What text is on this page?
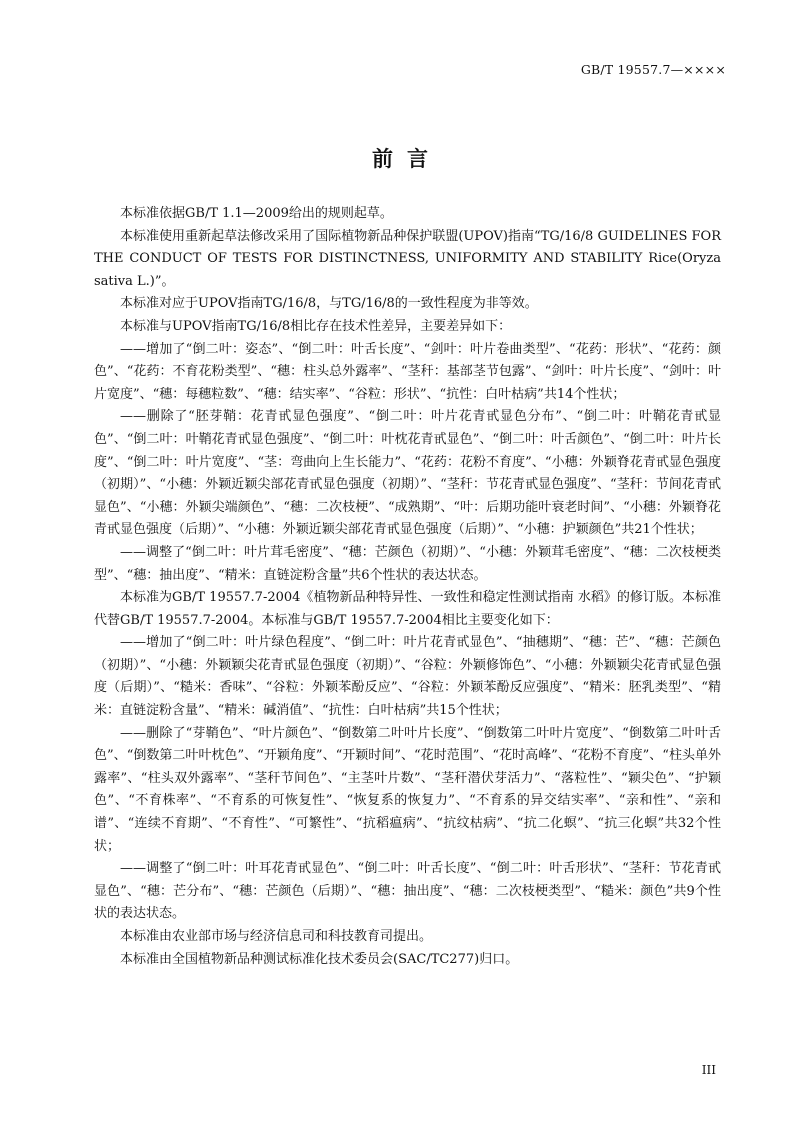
GB/T 19557.7—××××
前言

本标准依据GB/T 1.1—2009给出的规则起草。

本标准使用重新起草法修改采用了国际植物新品种保护联盟(UPOV)指南“TG/16/8 GUIDELINES FOR THE CONDUCT OF TESTS FOR DISTINCTNESS, UNIFORMITY AND STABILITY Rice(Oryza sativa L.)”。

本标准对应于UPOV指南TG/16/8，与TG/16/8的一致性程度为非等效。

本标准与UPOV指南TG/16/8相比存在技术性差异，主要差异如下：

——增加了“倒二叶：姿态”、“倒二叶：叶舌长度”、“剑叶：叶片卷曲类型”、“花药：形状”、“花药：颜色”、“花药：不育花粉类型”、“穗：柱头总外露率”、“茎秆：基部茎节包露”、“剑叶：叶片长度”、“剑叶：叶片宽度”、“穗：每穗粒数”、“穗：结实率”、“谷粒：形状”、“抗性：白叶枯病”共14个性状；

——删除了“胚芽鞘：花青甙显色强度”、“倒二叶：叶片花青甙显色分布”、“倒二叶：叶鞘花青甙显色”、“倒二叶：叶鞘花青甙显色强度”、“倒二叶：叶枕花青甙显色”、“倒二叶：叶舌颜色”、“倒二叶：叶片长度”、“倒二叶：叶片宽度”、“茎：弯曲向上生长能力”、“花药：花粉不育度”、“小穗：外颖脊花青甙显色强度（初期）”、“小穗：外颖近颖尖部花青甙显色强度（初期）”、“茎秆：节花青甙显色强度”、“茎秆：节间花青甙显色”、“小穗：外颖尖端颜色”、“穗：二次枝梗”、“成熟期”、“叶：后期功能叶衰老时间”、“小穗：外颖脊花青甙显色强度（后期）”、“小穗：外颖近颖尖部花青甙显色强度（后期）”、“小穗：护颖颜色”共21个性状；

——调整了“倒二叶：叶片茸毛密度”、“穗：芒颜色（初期）”、“小穗：外颖茸毛密度”、“穗：二次枝梗类型”、“穗：抽出度”、“精米：直链淀粉含量”共6个性状的表达状态。

本标准为GB/T 19557.7-2004《植物新品种特异性、一致性和稳定性测试指南 水稻》的修订版。本标准代替GB/T 19557.7-2004。本标准与GB/T 19557.7-2004相比主要变化如下：

——增加了“倒二叶：叶片绿色程度”、“倒二叶：叶片花青甙显色”、“抽穗期”、“穗：芒”、“穗：芒颜色（初期）”、“小穗：外颖颖尖花青甙显色强度（初期）”、“谷粒：外颖修饰色”、“小穗：外颖颖尖花青甙显色强度（后期）”、“糙米：香味”、“谷粒：外颖苯酚反应”、“谷粒：外颖苯酚反应强度”、“精米：胚乳类型”、“精米：直链淀粉含量”、“精米：碱消值”、“抗性：白叶枯病”共15个性状；

——删除了“芽鞘色”、“叶片颜色”、“倒数第二叶叶片长度”、“倒数第二叶叶片宽度”、“倒数第二叶叶舌色”、“倒数第二叶叶枕色”、“开颖角度”、“开颖时间”、“花时范围”、“花时高峰”、“花粉不育度”、“柱头单外露率”、“柱头双外露率”、“茎秆节间色”、“主茎叶片数”、“茎秆潜伏芽活力”、“落粒性”、“颖尖色”、“护颖色”、“不育株率”、“不育系的可恢复性”、“恢复系的恢复力”、“不育系的异交结实率”、“亲和性”、“亲和谱”、“连续不育期”、“不育性”、“可繁性”、“抗稻瘟病”、“抗纹枯病”、“抗二化螟”、“抗三化螟”共32个性状；

——调整了“倒二叶：叶耳花青甙显色”、“倒二叶：叶舌长度”、“倒二叶：叶舌形状”、“茎秆：节花青甙显色”、“穗：芒分布”、“穗：芒颜色（后期）”、“穗：抽出度”、“穗：二次枝梗类型”、“糙米：颜色”共9个性状的表达状态。

本标准由农业部市场与经济信息司和科技教育司提出。

本标准由全国植物新品种测试标准化技术委员会(SAC/TC277)归口。

III
